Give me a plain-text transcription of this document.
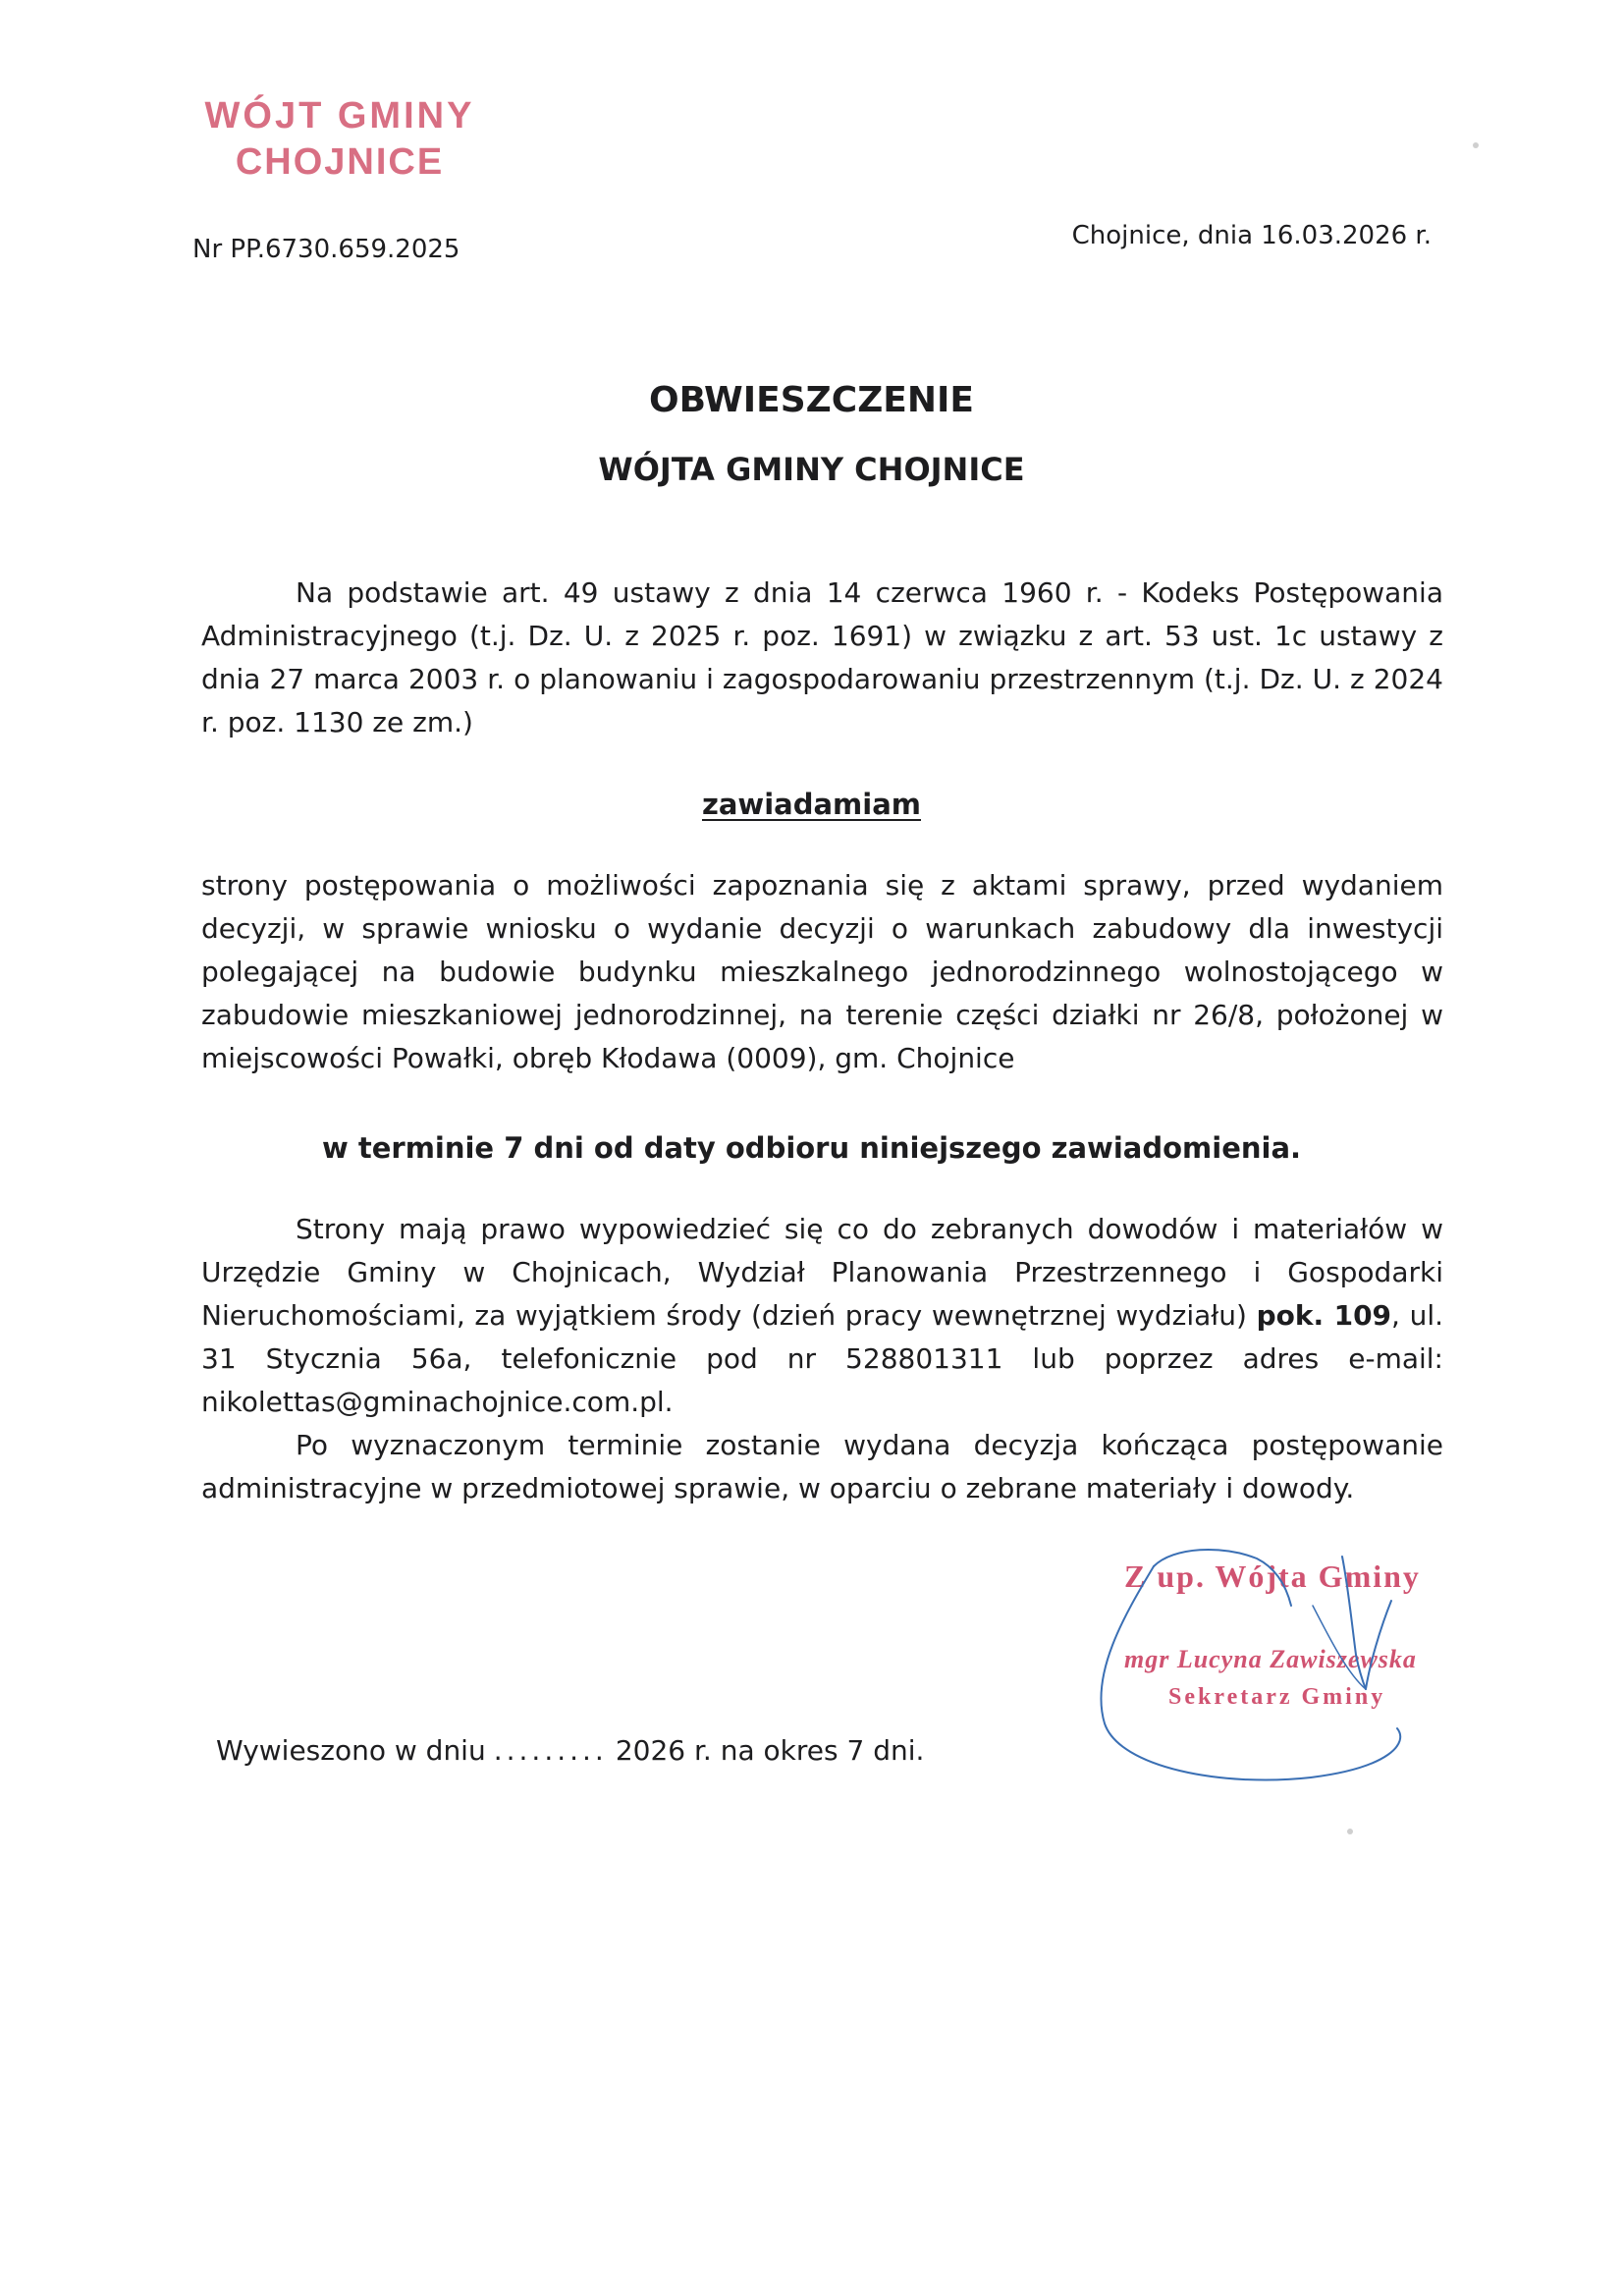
WÓJT GMINY
CHOJNICE
Nr PP.6730.659.2025	Chojnice, dnia 16.03.2026 r.
OBWIESZCZENIE
WÓJTA GMINY CHOJNICE
Na podstawie art. 49 ustawy z dnia 14 czerwca 1960 r. - Kodeks Postępowania Administracyjnego (t.j. Dz. U. z 2025 r. poz. 1691) w związku z art. 53 ust. 1c ustawy z dnia 27 marca 2003 r. o planowaniu i zagospodarowaniu przestrzennym (t.j. Dz. U. z 2024 r. poz. 1130 ze zm.)
zawiadamiam
strony postępowania o możliwości zapoznania się z aktami sprawy, przed wydaniem decyzji, w sprawie wniosku o wydanie decyzji o warunkach zabudowy dla inwestycji polegającej na budowie budynku mieszkalnego jednorodzinnego wolnostojącego w zabudowie mieszkaniowej jednorodzinnej, na terenie części działki nr 26/8, położonej w miejscowości Powałki, obręb Kłodawa (0009), gm. Chojnice
w terminie 7 dni od daty odbioru niniejszego zawiadomienia.
Strony mają prawo wypowiedzieć się co do zebranych dowodów i materiałów w Urzędzie Gminy w Chojnicach, Wydział Planowania Przestrzennego i Gospodarki Nieruchomościami, za wyjątkiem środy (dzień pracy wewnętrznej wydziału) pok. 109, ul. 31 Stycznia 56a, telefonicznie pod nr 528801311 lub poprzez adres e-mail: nikolettas@gminachojnice.com.pl.
Po wyznaczonym terminie zostanie wydana decyzja kończąca postępowanie administracyjne w przedmiotowej sprawie, w oparciu o zebrane materiały i dowody.
Z up. Wójta Gminy
mgr Lucyna Zawiszewska
Sekretarz Gminy
Wywieszono w dniu ......... 2026 r. na okres 7 dni.
